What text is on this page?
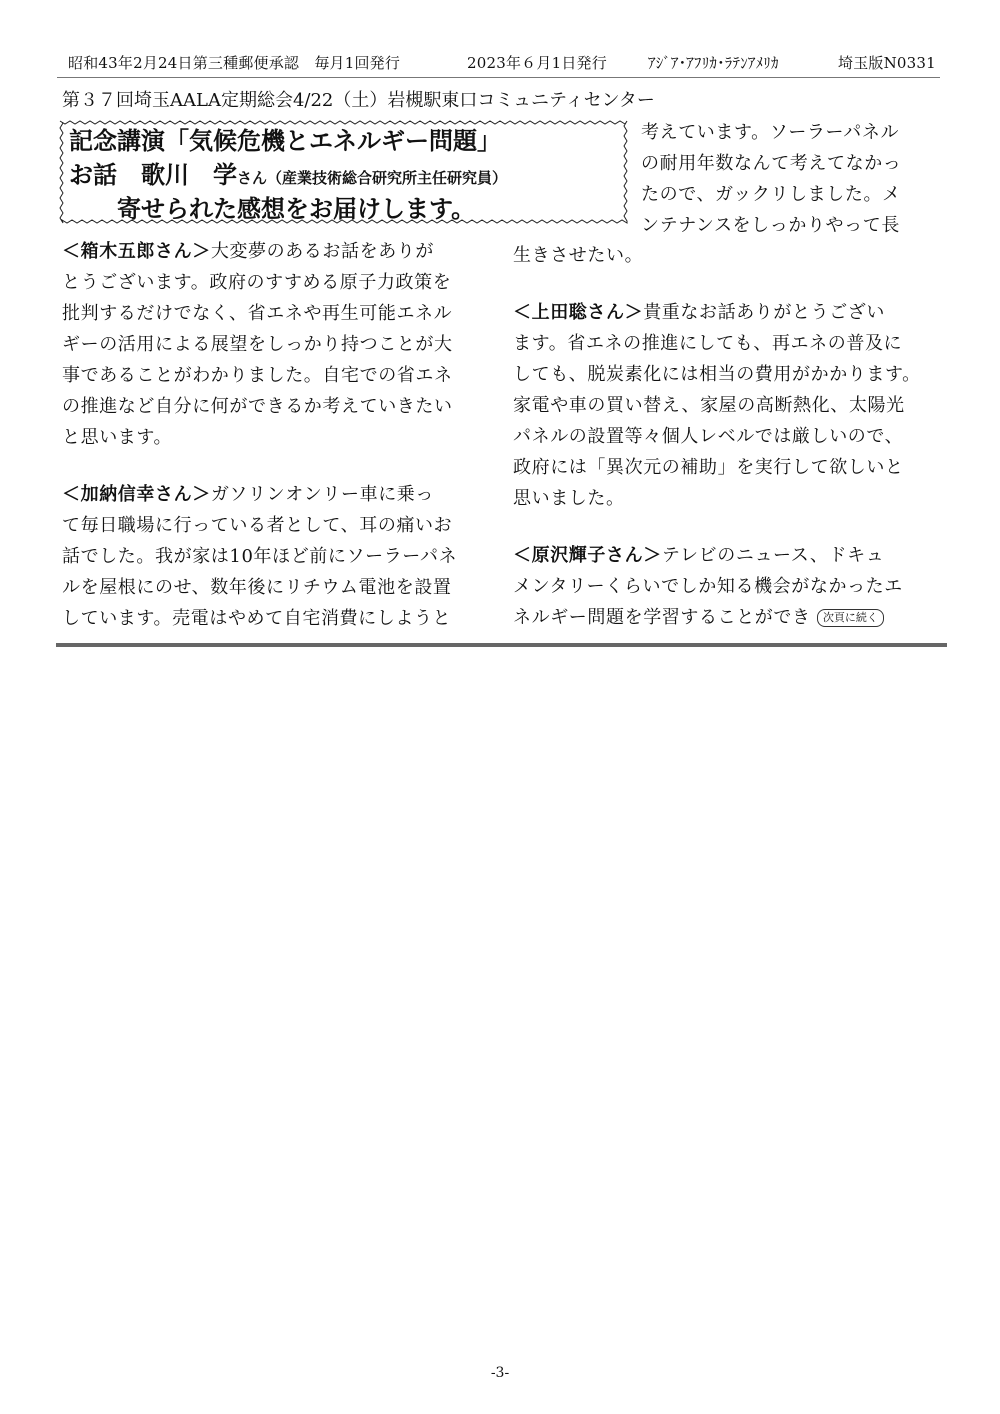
昭和43年2月24日第三種郵便承認　毎月1回発行	2023年６月1日発行	ｱｼﾞｱ･ｱﾌﾘｶ･ﾗﾃﾝｱﾒﾘｶ	埼玉版N0331
第３７回埼玉AALA定期総会4/22（土）岩槻駅東口コミュニティセンター
記念講演「気候危機とエネルギー問題」
お話　歌川　学さん（産業技術総合研究所主任研究員）
寄せられた感想をお届けします。
考えています。ソーラーパネル
の耐用年数なんて考えてなかっ
たので、ガックリしました。メ
ンテナンスをしっかりやって長
＜箱木五郎さん＞大変夢のあるお話をありが
とうございます。政府のすすめる原子力政策を
批判するだけでなく、省エネや再生可能エネル
ギーの活用による展望をしっかり持つことが大
事であることがわかりました。自宅での省エネ
の推進など自分に何ができるか考えていきたい
と思います。
＜加納信幸さん＞ガソリンオンリー車に乗っ
て毎日職場に行っている者として、耳の痛いお
話でした。我が家は10年ほど前にソーラーパネ
ルを屋根にのせ、数年後にリチウム電池を設置
しています。売電はやめて自宅消費にしようと
生きさせたい。
＜上田聡さん＞貴重なお話ありがとうござい
ます。省エネの推進にしても、再エネの普及に
しても、脱炭素化には相当の費用がかかります。
家電や車の買い替え、家屋の高断熱化、太陽光
パネルの設置等々個人レベルでは厳しいので、
政府には「異次元の補助」を実行して欲しいと
思いました。
＜原沢輝子さん＞テレビのニュース、ドキュ
メンタリーくらいでしか知る機会がなかったエ
ネルギー問題を学習することができ 次頁に続く
-3-
